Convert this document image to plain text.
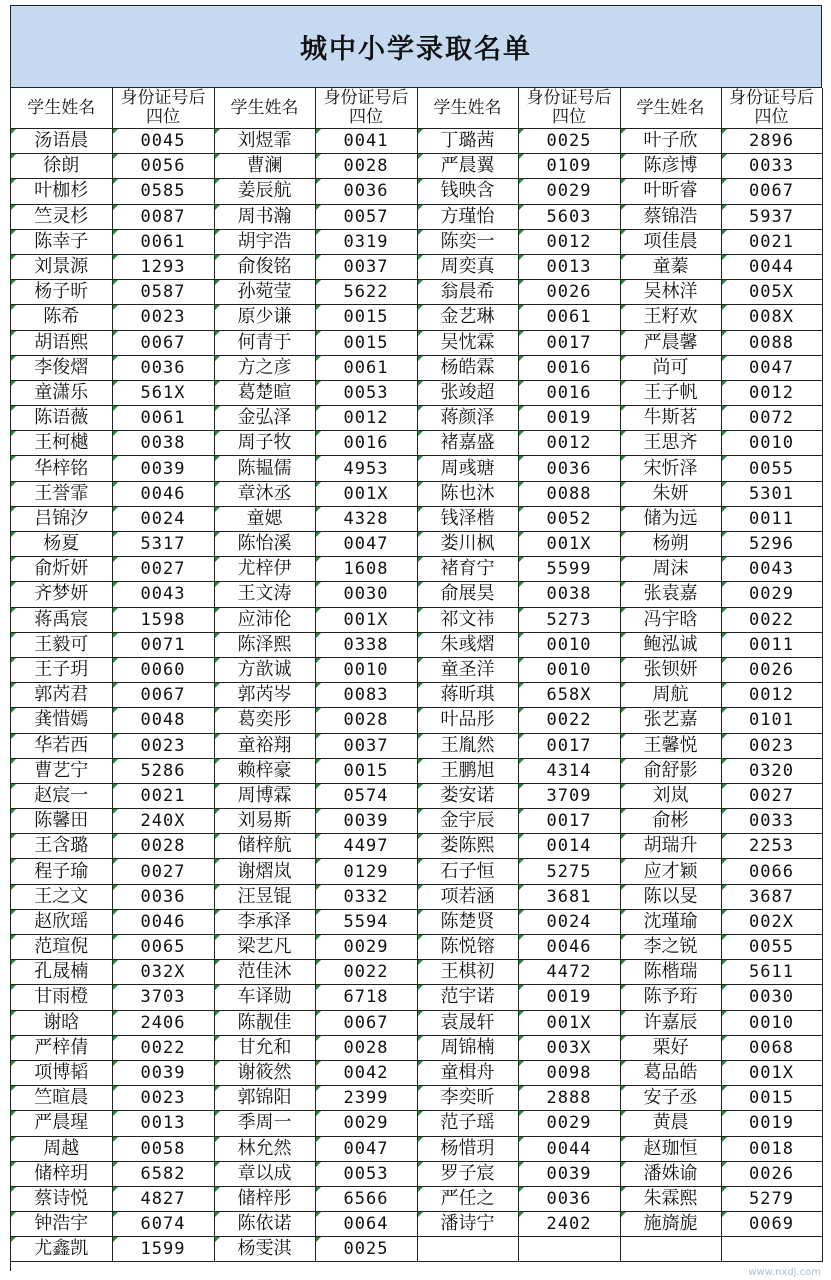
城中小学录取名单
学生姓名	身份证号后四位	学生姓名	身份证号后四位	学生姓名	身份证号后四位	学生姓名	身份证号后四位
汤语晨	0045	刘煜霏	0041	丁璐茜	0025	叶子欣	2896
徐朗	0056	曹澜	0028	严晨翼	0109	陈彦博	0033
叶枷杉	0585	姜辰航	0036	钱映含	0029	叶昕睿	0067
竺灵杉	0087	周书瀚	0057	方瑾怡	5603	蔡锦浩	5937
陈幸子	0061	胡宇浩	0319	陈奕一	0012	项佳晨	0021
刘景源	1293	俞俊铭	0037	周奕真	0013	童蓁	0044
杨子昕	0587	孙菀莹	5622	翁晨希	0026	吴林洋	005X
陈希	0023	原少谦	0015	金艺琳	0061	王籽欢	008X
胡语熙	0067	何青于	0015	吴忱霖	0017	严晨馨	0088
李俊熠	0036	方之彦	0061	杨皓霖	0016	尚可	0047
童潇乐	561X	葛楚暄	0053	张竣超	0016	王子帆	0012
陈语薇	0061	金弘泽	0012	蒋颜泽	0019	牛斯茗	0072
王柯樾	0038	周子牧	0016	褚嘉盛	0012	王思齐	0010
华梓铭	0039	陈韫儒	4953	周彧瑭	0036	宋忻泽	0055
王誉霏	0046	章沐丞	001X	陈也沐	0088	朱妍	5301
吕锦汐	0024	童媤	4328	钱泽楷	0052	储为远	0011
杨夏	5317	陈怡溪	0047	娄川枫	001X	杨朔	5296
俞炘妍	0027	尤梓伊	1608	褚育宁	5599	周沫	0043
齐梦妍	0043	王文涛	0030	俞展昊	0038	张袁嘉	0029
蒋禹宸	1598	应沛伦	001X	祁文祎	5273	冯宇晗	0022
王毅可	0071	陈泽熙	0338	朱彧熠	0010	鲍泓诚	0011
王子玥	0060	方歆诚	0010	童圣洋	0010	张钡妍	0026
郭芮君	0067	郭芮岑	0083	蒋昕琪	658X	周航	0012
龚惜嫣	0048	葛奕彤	0028	叶品彤	0022	张艺嘉	0101
华若西	0023	童裕翔	0037	王胤然	0017	王馨悦	0023
曹艺宁	5286	赖梓豪	0015	王鹏旭	4314	俞舒影	0320
赵宸一	0021	周博霖	0574	娄安诺	3709	刘岚	0027
陈馨田	240X	刘易斯	0039	金宇辰	0017	俞彬	0033
王含璐	0028	储梓航	4497	娄陈熙	0014	胡瑞升	2253
程子瑜	0027	谢熠岚	0129	石子恒	5275	应才颖	0066
王之文	0036	汪昱锟	0332	项若涵	3681	陈以旻	3687
赵欣瑶	0046	李承泽	5594	陈楚贤	0024	沈瑾瑜	002X
范瑄倪	0065	梁艺凡	0029	陈悦镕	0046	李之锐	0055
孔晟楠	032X	范佳沐	0022	王棋初	4472	陈楷瑞	5611
甘雨橙	3703	车译勋	6718	范宇诺	0019	陈予珩	0030
谢晗	2406	陈靓佳	0067	袁晟轩	001X	许嘉辰	0010
严梓倩	0022	甘允和	0028	周锦楠	003X	栗好	0068
项博韬	0039	谢筱然	0042	童楫舟	0098	葛品皓	001X
竺暄晨	0023	郭锦阳	2399	李奕昕	2888	安子丞	0015
严晨瑆	0013	季周一	0029	范子瑶	0029	黄晨	0019
周越	0058	林允然	0047	杨惜玥	0044	赵珈恒	0018
储梓玥	6582	章以成	0053	罗子宸	0039	潘姝谕	0026
蔡诗悦	4827	储梓彤	6566	严任之	0036	朱霖熙	5279
钟浩宇	6074	陈依诺	0064	潘诗宁	2402	施旖旎	0069
尤鑫凯	1599	杨雯淇	0025				
www.nxdj.com
